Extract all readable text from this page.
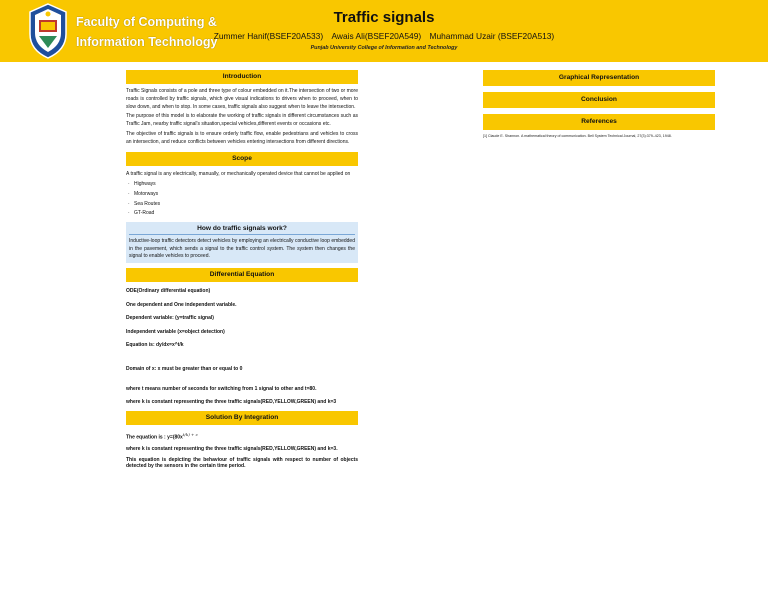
Faculty of Computing &
Information Technology
Traffic signals
Zummer Hanif(BSEF20A533) Awais Ali(BSEF20A549) Muhammad Uzair (BSEF20A513)
Punjab University College of Information and Technology
Introduction

Traffic Signals consists of a pole and three type of colour embedded on it.The intersection of two or more roads is controlled by traffic signals, which give visual indications to drivers when to proceed, when to slow down, and when to stop. In some cases, traffic signals also suggest when to leave the intersection.

The purpose of this model is to elaborate the working of traffic signals in different circumstances such as Traffic Jam, nearby traffic signal's situation,special vehicles,different events or occasions etc.

The objective of traffic signals is to ensure orderly traffic flow, enable pedestrians and vehicles to cross an intersection, and reduce conflicts between vehicles entering intersections from different directions.

Scope

A traffic signal is any electrically, manually, or mechanically operated device that cannot be applied on

· Highways
· Motorways
· Sea Routes
· GT-Road
How do traffic signals work?

Inductive-loop traffic detectors detect vehicles by employing an electrically conductive loop embedded in the pavement, which sends a signal to the traffic control system. The system then changes the signal to enable vehicles to proceed.

Differential Equation

ODE(Ordinary differential equation)

One dependent and One independent variable.

Dependent variable: (y=traffic signal)

Independent variable (x=object detection)

Equation is: dy/dx=x^t/k

Domain of x: x must be greater than or equal to 0

where t means number of seconds for switching from 1 signal to other and t=80.

where k is constant representing the three traffic signals(RED,YELLOW,GREEN) and k=3

Solution By Integration

The equation is : $y=(80x^{t/k) + c}$

where k is constant representing the three traffic signals(RED,YELLOW,GREEN) and k=3.

This equation is depicting the behaviour of traffic signals with respect to number of objects detected by the sensors in the certain time period.

Graphical Representation
Conclusion
References

[1] Claude E. Shannon. A mathematical theory of communication. Bell System Technical Journal, 27(3):379–423, 1948.
